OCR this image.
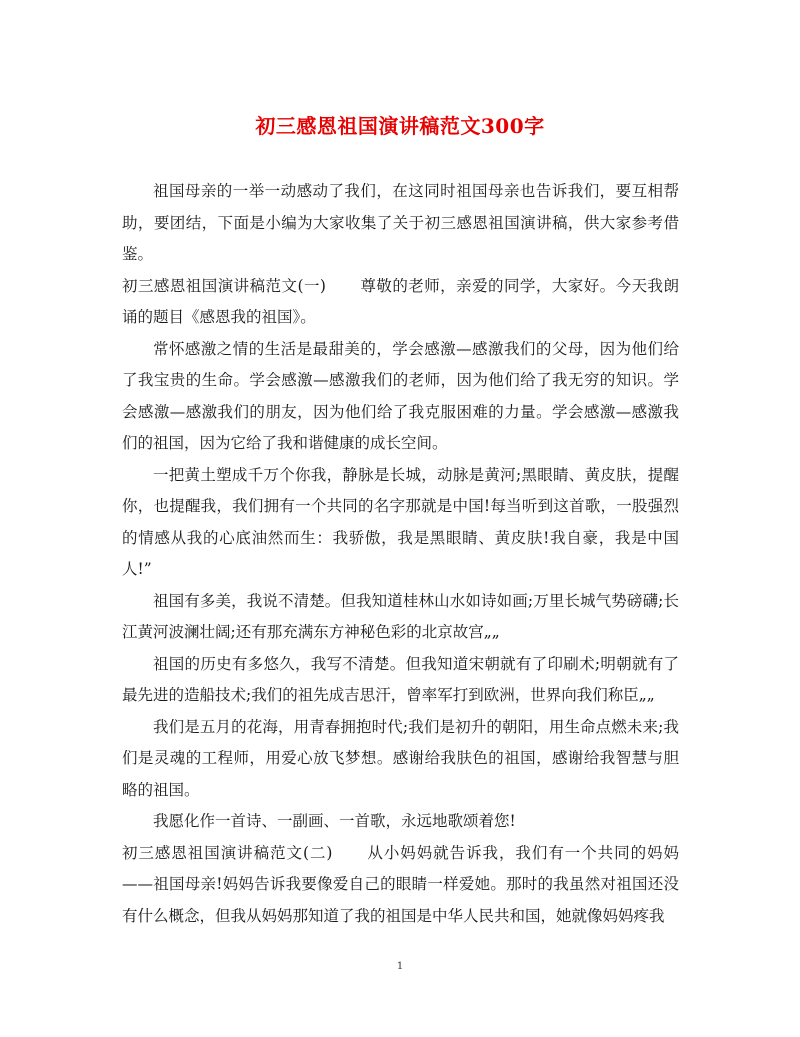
初三感恩祖国演讲稿范文300字

祖国母亲的一举一动感动了我们，在这同时祖国母亲也告诉我们，要互相帮助，要团结，下面是小编为大家收集了关于初三感恩祖国演讲稿，供大家参考借鉴。

初三感恩祖国演讲稿范文(一) 尊敬的老师，亲爱的同学，大家好。今天我朗诵的题目《感恩我的祖国》。

常怀感激之情的生活是最甜美的，学会感激—感激我们的父母，因为他们给了我宝贵的生命。学会感激—感激我们的老师，因为他们给了我无穷的知识。学会感激—感激我们的朋友，因为他们给了我克服困难的力量。学会感激—感激我们的祖国，因为它给了我和谐健康的成长空间。

一把黄土塑成千万个你我，静脉是长城，动脉是黄河;黑眼睛、黄皮肤，提醒你，也提醒我，我们拥有一个共同的名字那就是中国!每当听到这首歌，一股强烈的情感从我的心底油然而生：我骄傲，我是黑眼睛、黄皮肤!我自豪，我是中国人!”

祖国有多美，我说不清楚。但我知道桂林山水如诗如画;万里长城气势磅礴;长江黄河波澜壮阔;还有那充满东方神秘色彩的北京故宫„„

祖国的历史有多悠久，我写不清楚。但我知道宋朝就有了印刷术;明朝就有了最先进的造船技术;我们的祖先成吉思汗，曾率军打到欧洲，世界向我们称臣„„

我们是五月的花海，用青春拥抱时代;我们是初升的朝阳，用生命点燃未来;我们是灵魂的工程师，用爱心放飞梦想。感谢给我肤色的祖国，感谢给我智慧与胆略的祖国。

我愿化作一首诗、一副画、一首歌，永远地歌颂着您!

初三感恩祖国演讲稿范文(二) 从小妈妈就告诉我，我们有一个共同的妈妈——祖国母亲!妈妈告诉我要像爱自己的眼睛一样爱她。那时的我虽然对祖国还没有什么概念，但我从妈妈那知道了我的祖国是中华人民共和国，她就像妈妈疼我

1
